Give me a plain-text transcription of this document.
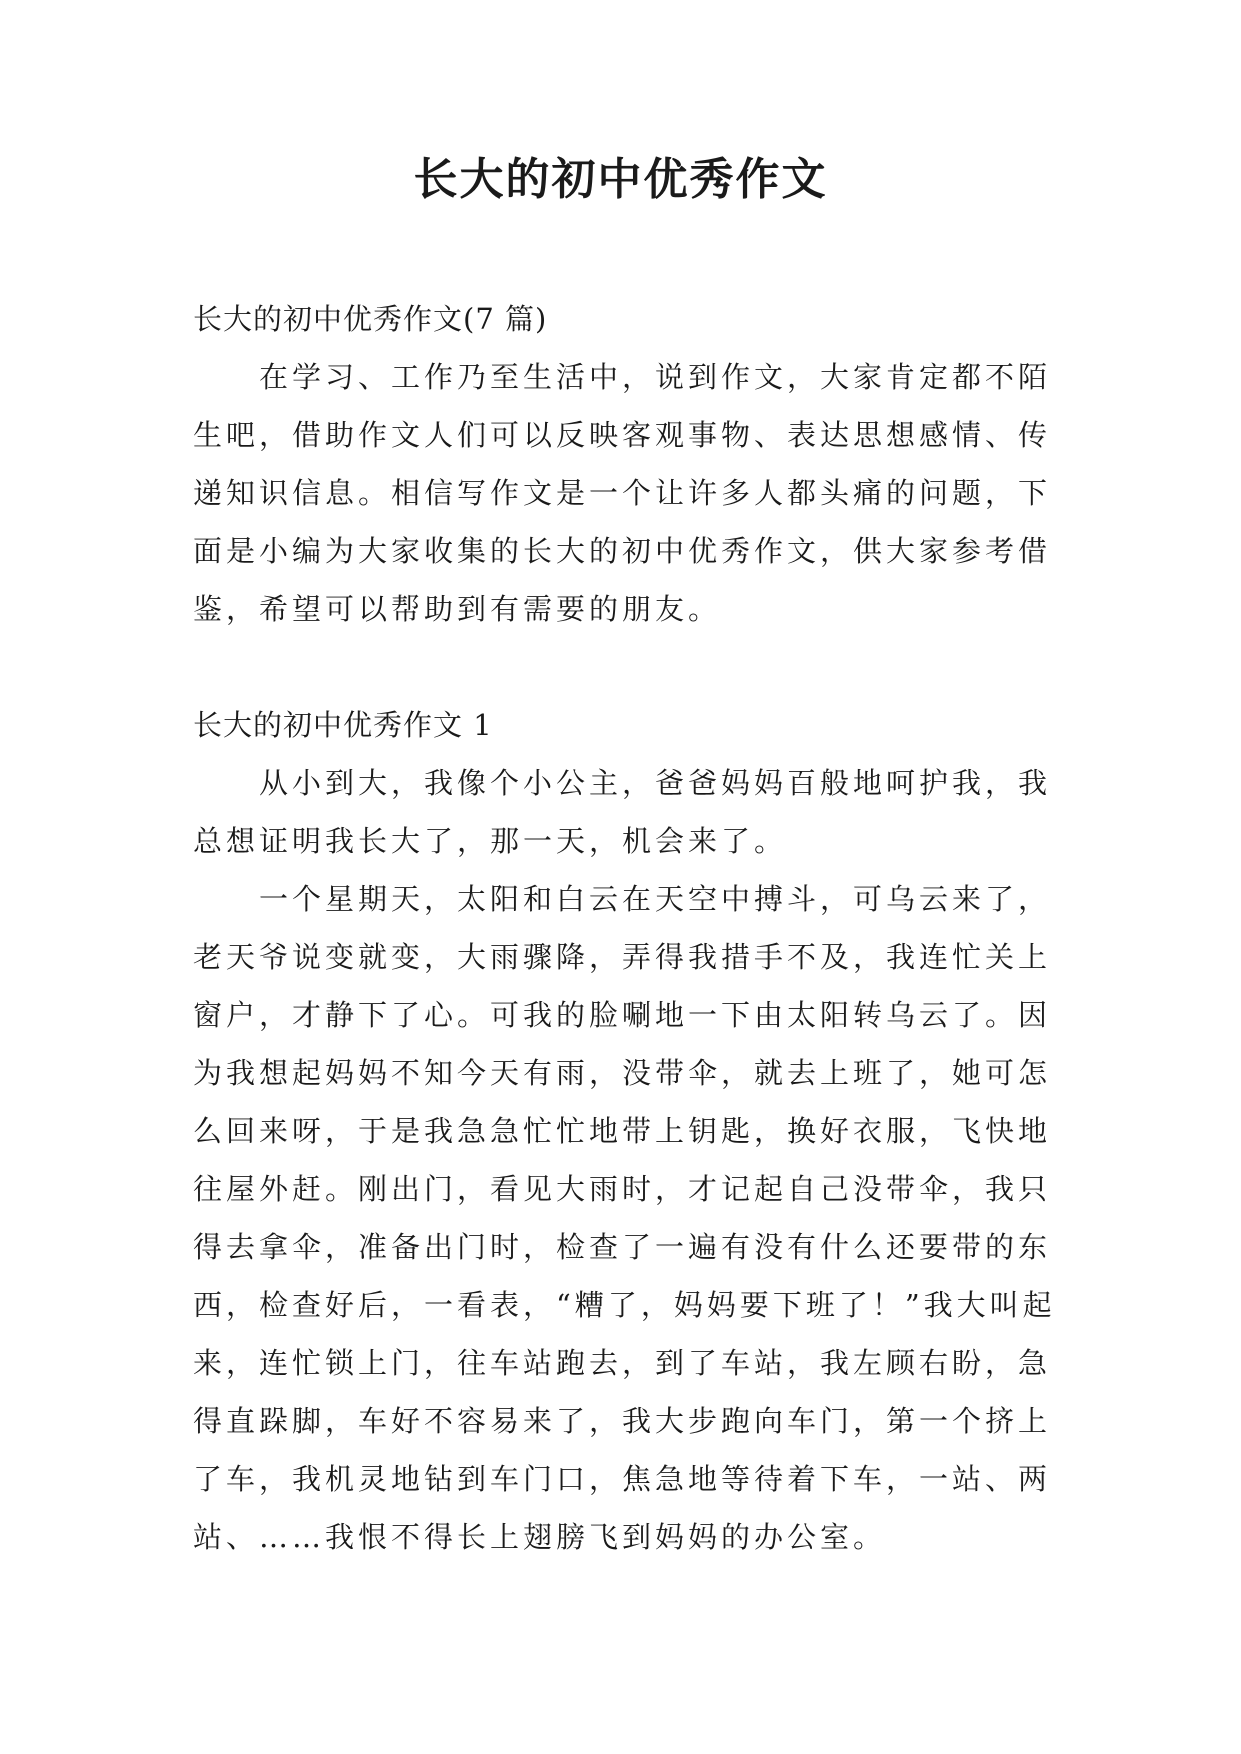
长大的初中优秀作文
长大的初中优秀作文(7 篇)
在学习、工作乃至生活中，说到作文，大家肯定都不陌
生吧，借助作文人们可以反映客观事物、表达思想感情、传
递知识信息。相信写作文是一个让许多人都头痛的问题，下
面是小编为大家收集的长大的初中优秀作文，供大家参考借
鉴，希望可以帮助到有需要的朋友。
长大的初中优秀作文 1
从小到大，我像个小公主，爸爸妈妈百般地呵护我，我
总想证明我长大了，那一天，机会来了。
一个星期天，太阳和白云在天空中搏斗，可乌云来了，
老天爷说变就变，大雨骤降，弄得我措手不及，我连忙关上
窗户，才静下了心。可我的脸唰地一下由太阳转乌云了。因
为我想起妈妈不知今天有雨，没带伞，就去上班了，她可怎
么回来呀，于是我急急忙忙地带上钥匙，换好衣服，飞快地
往屋外赶。刚出门，看见大雨时，才记起自己没带伞，我只
得去拿伞，准备出门时，检查了一遍有没有什么还要带的东
西，检查好后，一看表，“糟了，妈妈要下班了！”我大叫起
来，连忙锁上门，往车站跑去，到了车站，我左顾右盼，急
得直跺脚，车好不容易来了，我大步跑向车门，第一个挤上
了车，我机灵地钻到车门口，焦急地等待着下车，一站、两
站、……我恨不得长上翅膀飞到妈妈的办公室。
